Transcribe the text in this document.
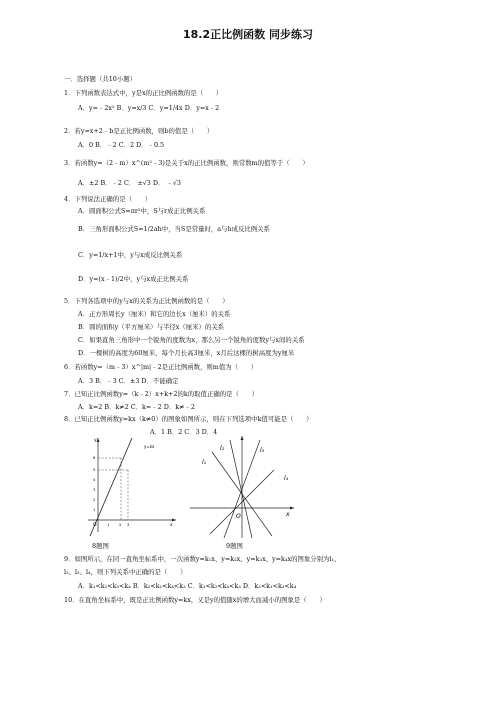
18.2正比例函数 同步练习
一．选择题（共10小题）
1．下列函数表达式中，y是x的正比例函数的是（　　）
A．y=﹣2x² B．y=x/3 C．y=1/4x D．y=x﹣2
2．若y=x+2﹣b是正比例函数，则b的值是（　　）
A．0 B．﹣2 C．2 D．﹣0.5
3．若函数y=（2﹣m）x^(m²﹣3)是关于x的正比例函数，则常数m的值等于（　　）
A．±2 B．﹣2 C． ±√3 D． ﹣√3
4．下列说法正确的是（　　）
A．圆面积公式S=πr²中，S与r成正比例关系
B．三角形面积公式S=1/2ah中，当S是常量时，a与h成反比例关系
C．y=1/x+1中，y与x成反比例关系
D．y=(x﹣1)/2中，y与x成正比例关系
5．下列各选项中的y与x的关系为正比例函数的是（　　）
A．正方形周长y（厘米）和它的边长x（厘米）的关系
B．圆的面积y（平方厘米）与半径x（厘米）的关系
C．如果直角三角形中一个锐角的度数为x，那么另一个锐角的度数y与x间的关系
D．一棵树的高度为60厘米，每个月长高3厘米，x月后这棵的树高度为y厘米
6．若函数y=（m﹣3）x^|m|﹣2是正比例函数，则m值为（　　）
A．3 B．﹣3 C．±3 D．不能确定
7．已知正比例函数y=（k﹣2）x+k+2的k的取值正确的是（　　）
A．k=2 B．k≠2 C．k=﹣2 D．k≠﹣2
8．已知正比例函数y=kx（k≠0）的图象如图所示，则在下列选项中k值可能是（　　）
A．1 B．2 C．3 D．4
y
x
O
y=kx
6
5
4
3
2
1
1	2 3
l₁
l₂	l₃
l₄
O	x
8题图	9题图
9．如图所示，在同一直角坐标系中，一次函数y=k₁x、y=k₂x、y=k₃x、y=k₄x的图象分别为l₁、
l₂、l₃、l₄，则下列关系中正确的是（　　）
A．k₁<k₂<k₃<k₄ B．k₂<k₁<k₄<k₃ C．k₁<k₂<k₄<k₃ D．k₂<k₁<k₃<k₄
10．在直角坐标系中，既是正比例函数y=kx，又是y的值随x的增大而减小的图象是（　　）
